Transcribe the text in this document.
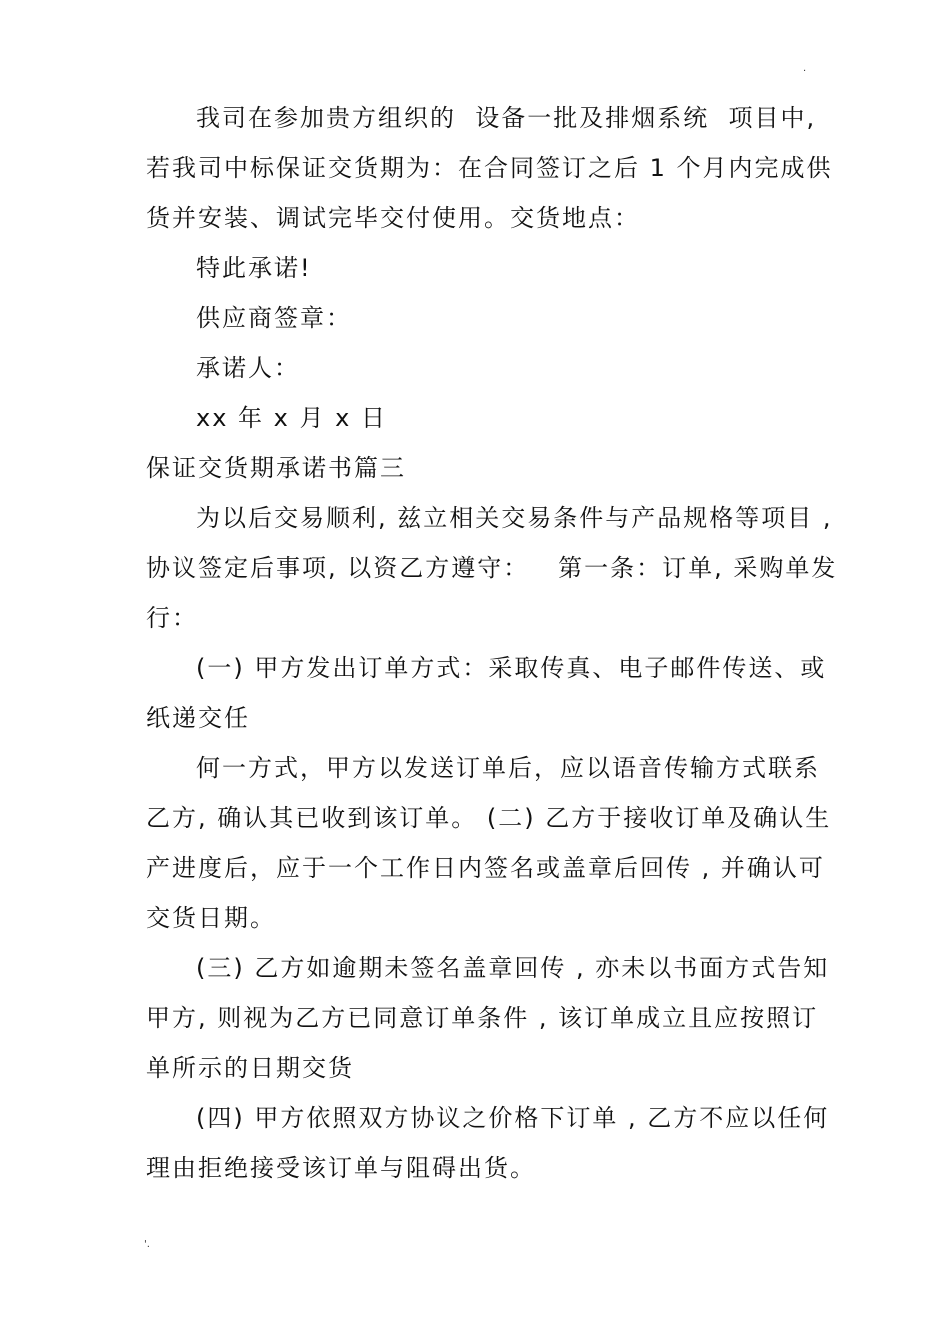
.
我司在参加贵方组织的  设备一批及排烟系统  项目中,
若我司中标保证交货期为：在合同签订之后 1 个月内完成供
货并安装、调试完毕交付使用。交货地点：
特此承诺!
供应商签章：
承诺人：
xx 年 x 月 x 日
保证交货期承诺书篇三
为以后交易顺利, 兹立相关交易条件与产品规格等项目 ,
协议签定后事项, 以资乙方遵守：   第一条：订单, 采购单发
行：
(一) 甲方发出订单方式：采取传真、电子邮件传送、或
纸递交任
何一方式，甲方以发送订单后，应以语音传输方式联系
乙方, 确认其已收到该订单。 (二) 乙方于接收订单及确认生
产进度后，应于一个工作日内签名或盖章后回传 , 并确认可
交货日期。
(三) 乙方如逾期未签名盖章回传 , 亦未以书面方式告知
甲方, 则视为乙方已同意订单条件 , 该订单成立且应按照订
单所示的日期交货
(四) 甲方依照双方协议之价格下订单 , 乙方不应以任何
理由拒绝接受该订单与阻碍出货。
'.
